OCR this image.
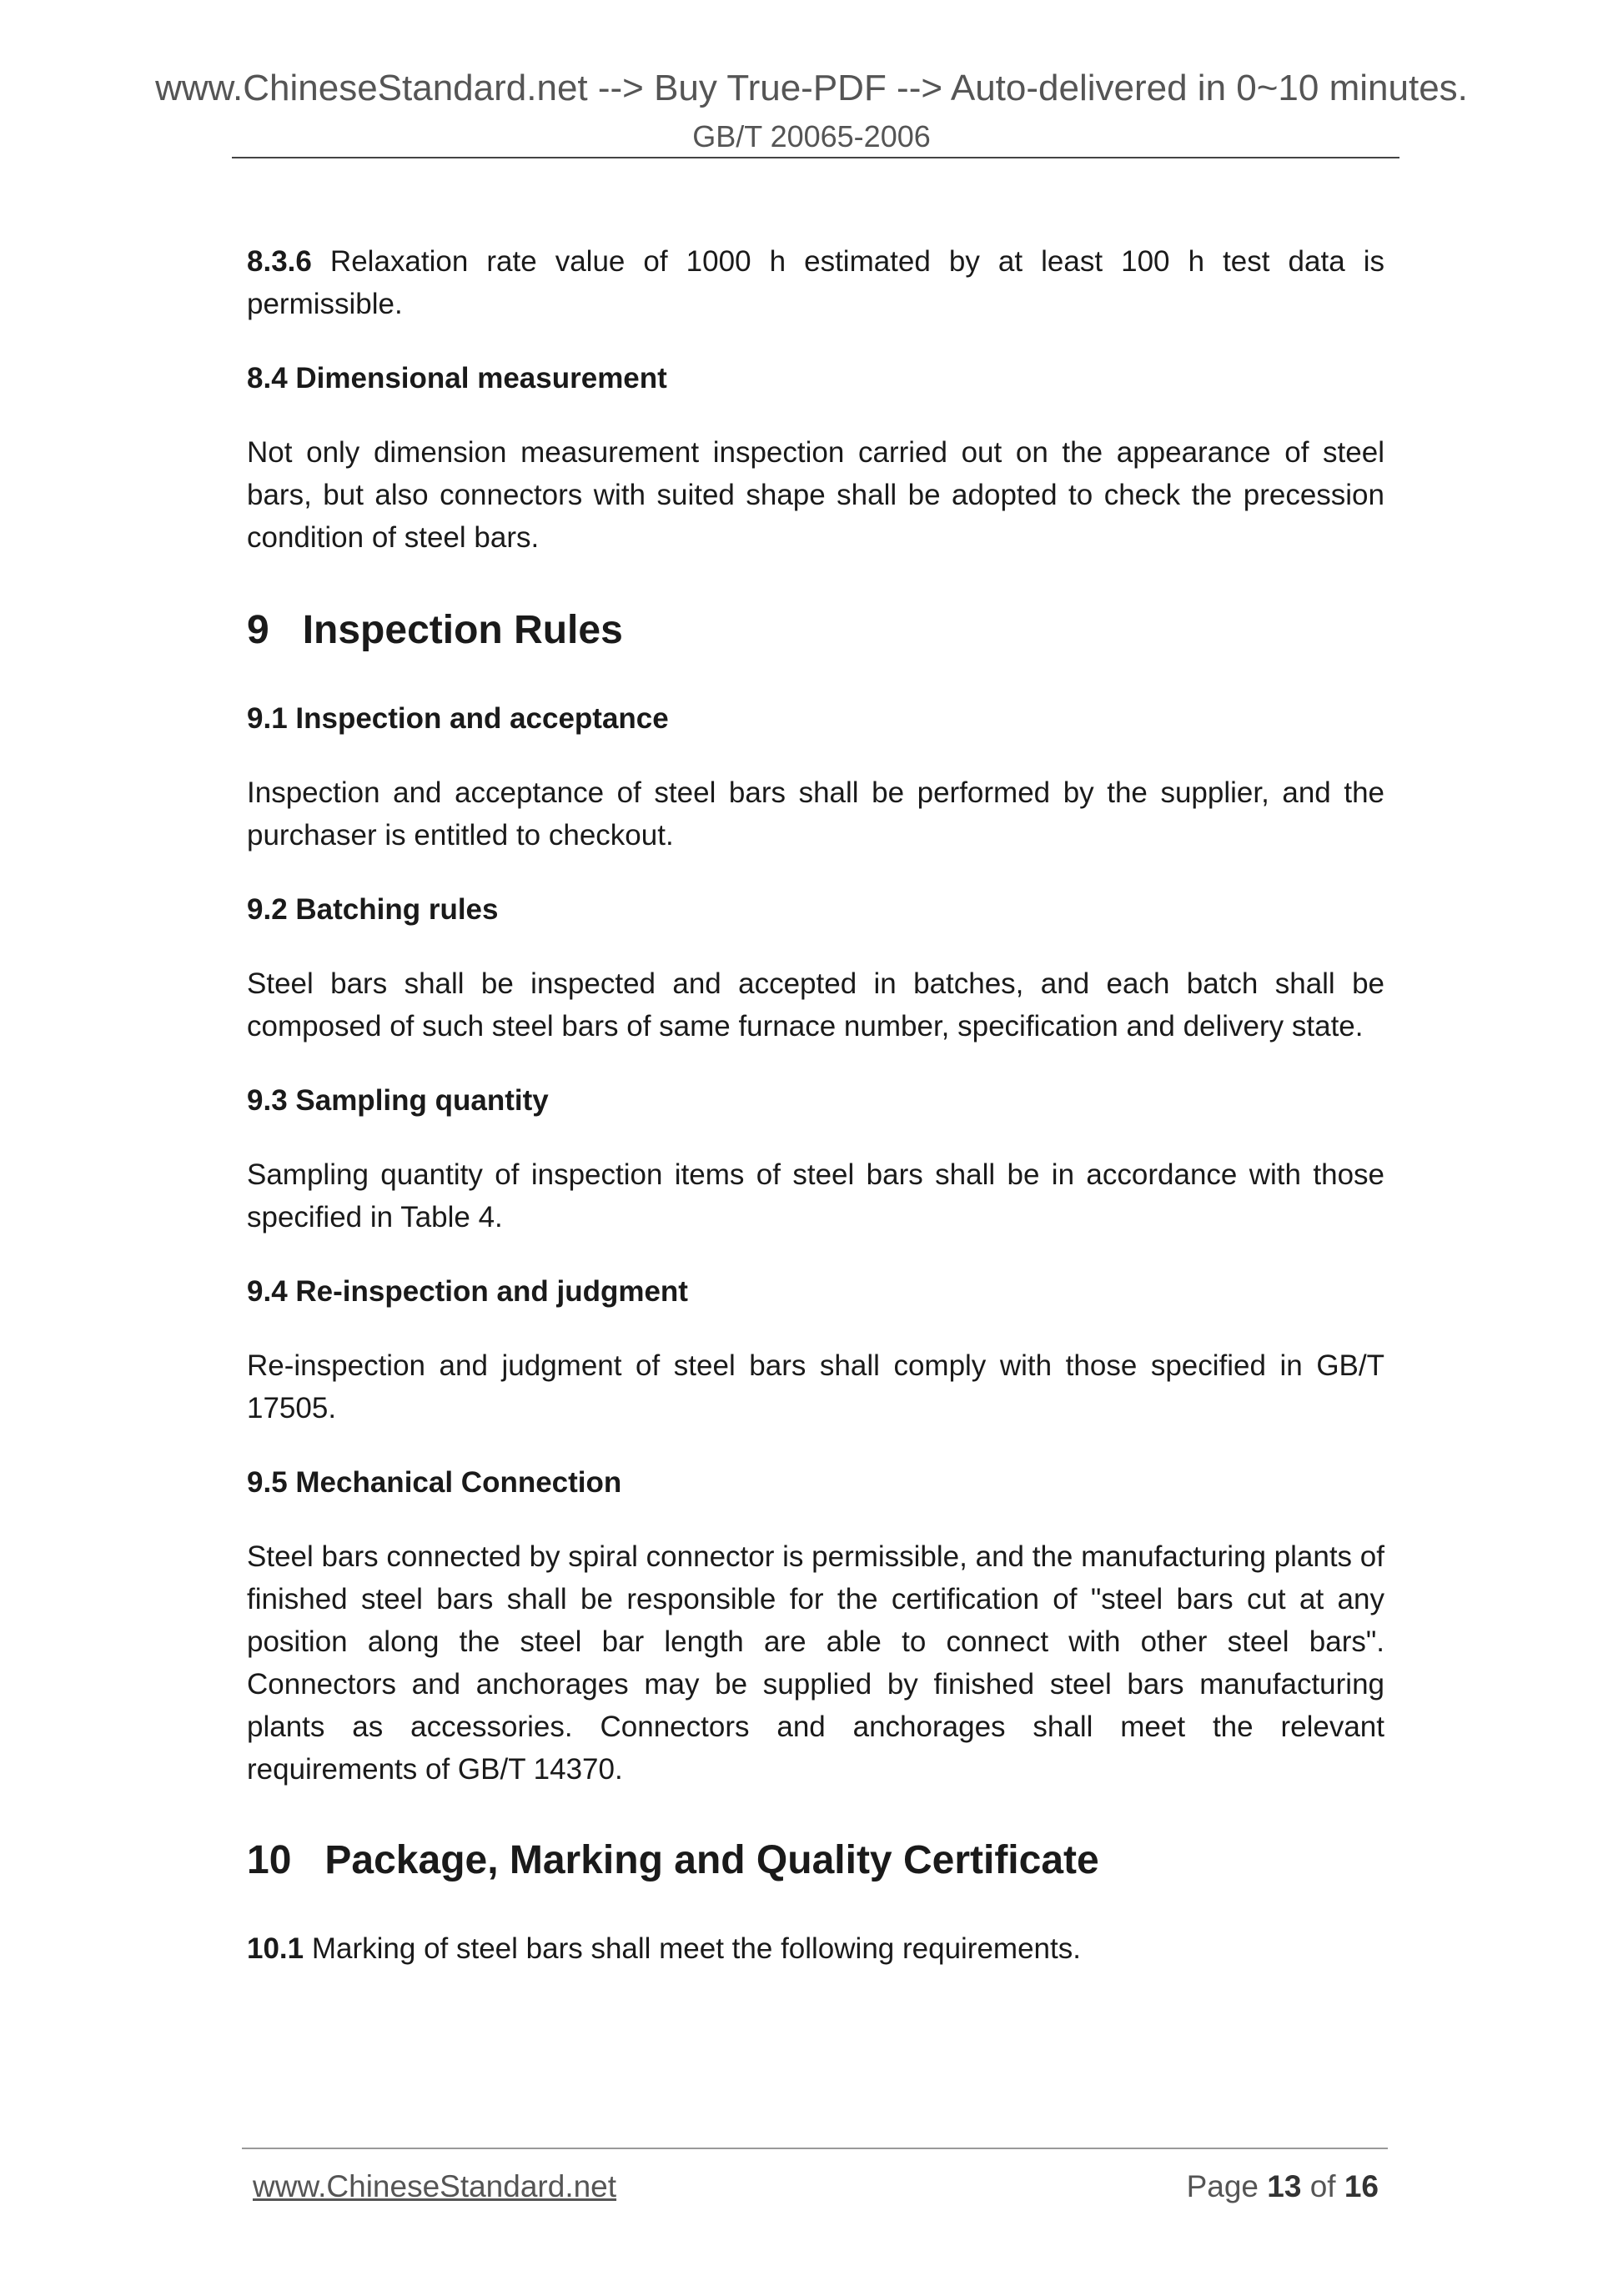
www.ChineseStandard.net --> Buy True-PDF --> Auto-delivered in 0~10 minutes.
GB/T 20065-2006

8.3.6 Relaxation rate value of 1000 h estimated by at least 100 h test data is permissible.

8.4 Dimensional measurement

Not only dimension measurement inspection carried out on the appearance of steel bars, but also connectors with suited shape shall be adopted to check the precession condition of steel bars.

9 Inspection Rules

9.1 Inspection and acceptance

Inspection and acceptance of steel bars shall be performed by the supplier, and the purchaser is entitled to checkout.

9.2 Batching rules

Steel bars shall be inspected and accepted in batches, and each batch shall be composed of such steel bars of same furnace number, specification and delivery state.

9.3 Sampling quantity

Sampling quantity of inspection items of steel bars shall be in accordance with those specified in Table 4.

9.4 Re-inspection and judgment

Re-inspection and judgment of steel bars shall comply with those specified in GB/T 17505.

9.5 Mechanical Connection

Steel bars connected by spiral connector is permissible, and the manufacturing plants of finished steel bars shall be responsible for the certification of "steel bars cut at any position along the steel bar length are able to connect with other steel bars". Connectors and anchorages may be supplied by finished steel bars manufacturing plants as accessories. Connectors and anchorages shall meet the relevant requirements of GB/T 14370.

10 Package, Marking and Quality Certificate

10.1 Marking of steel bars shall meet the following requirements.

www.ChineseStandard.net	Page 13 of 16
